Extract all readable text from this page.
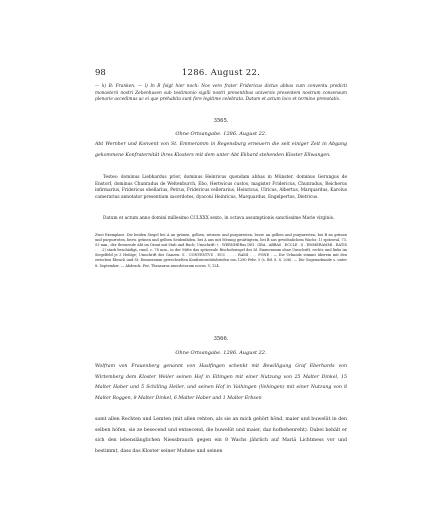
98	1286. August 22.
— k) B: Franken. — l) In B folgt hier noch: Nos vero frater Fridericus dictus abbas cum conventu predicti monasterii nostri Zebenhusen sub testimonio sigilli nostri presentibus universis presentem nostrum consensum plenarie accedimus ac ei que prehabita sunt fore legitime celebrata. Datum et actum loco et termino prenotatis.
3565.
Ohne Ortsangabe. 1286. August 22.
Abt Wernher und Konvent von St. Emmeramm in Regensburg erneuern die seit einiger Zeit in Abgang gekommene Konfraternität ihres Klosters mit dem unter Abt Ekhard stehenden Kloster Ellwangen.
Testes: dominus Liebhardus prior, dominus Heinricus quondam abbas in Münster, dominus Gerungus de Enstorf, dominus Chunradus de Weltenburch, Ebo, Hertwicus custos, magister Fridericus, Chunradus, Reicherus infirmarius, Fridericus obellarius, Petrus, Fridericus cellerarius, Heinricus, Ulricus, Albertus, Marquardus, Karolus camerarius annotator presentium sacerdotes, dyaconi Heinricus, Marquardus, Engelpertus, Dietricus.
Datum et actum anno domini millesimo CCLXXX sexto, in octava assumptionis sanctissime Marie virginis.
Zwei Exemplare. Die beiden Siegel bei A an grünen, gelben, weissen und purpurroten, bezw. an gelben und purpurroten, bei B an grünen und purpurroten, bezw. grünen und gelben Seidenfäden, bei A aus mit Meunig gesättigtem, bei B aus gewöhnlichem Wachs: 1) spitzoval, 73, 53 mm., der thronende Abt im Ornat mit Stab und Buch; Umschrift: † . WERNHERus DEI . GRA . ABBAS . ECCLE . S . EMMERAMMI . RATIS . . . 2) stark beschädigt, rund, c. 78 mm., in der Mitte das spitzovale Bischofssiegel des hl. Emmeramm ohne Umschrift, rechts und links im Siegelfeld je 3 Heilige; Umschrift des Ganzen: S . CONVENTVS . ECC . . . . RAMI . . . PONE . — Die Urkunde stimmt überein mit den zwischen Ebrach und St. Emmeramm gewechselten Konfraternitätsbriefen von 1280 Febr. 5 (s. Bd. 8, S. 206). — Die Gegenurkunde s. unter 8. September. — Abdruck: Pez, Thesaurus anecdotorum novus. V, 124.
3566.
Ohne Ortsangabe. 1286. August 22.
Wolfram von Frauenberg genannt von Haslfingen schenkt mit Bewilligung Graf Eberhards von Wirtemberg dem Kloster Weiler seinen Hof in Eltingen mit einer Nutzung von 25 Malter Dinkel, 15 Malter Haber und 5 Schilling Heller, und seinen Hof in Vaihingen (Vehingen) mit einer Nutzung von 8 Malter Roggen, 8 Malter Dinkel, 6 Malter Haber und 1 Malter Erbsen
samt allen Rechten und Lemten (mit allen rehten, als sie an mich gehört hônd, maier und buwelüt in den selben höfen, sie ze besecend und entsecend, die buwelüt und maier, daz hofbehenreht). Dabei behält er sich den lebenslänglichen Niessbrauch gegen ein 8 Wachs jährlich auf Mariä Lichtmess vor und bestimmt, dass das Kloster seiner Muhme und seinen
